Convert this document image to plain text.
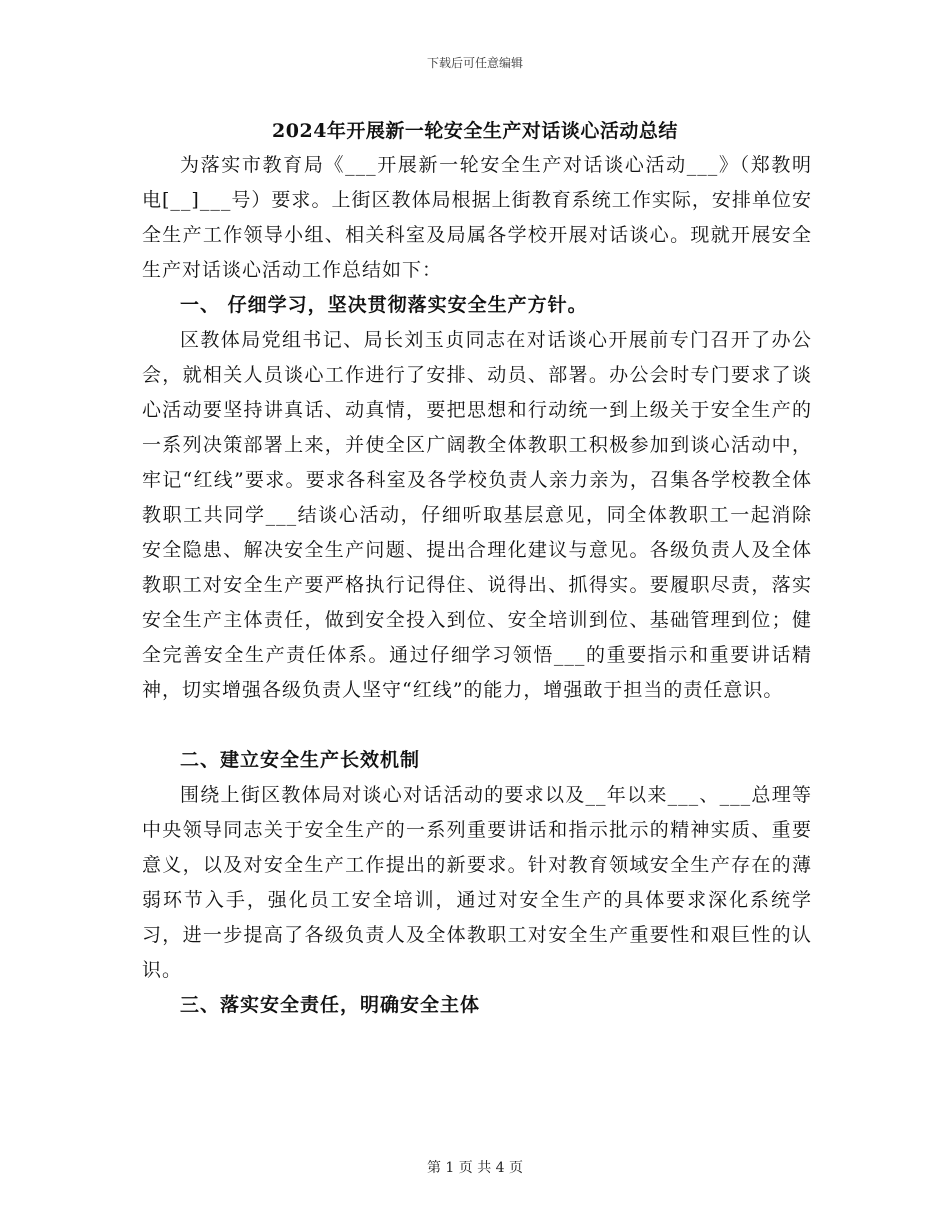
下载后可任意编辑
2024年开展新一轮安全生产对话谈心活动总结

为落实市教育局《___开展新一轮安全生产对话谈心活动___》（郑教明电[__]___号）要求。上街区教体局根据上街教育系统工作实际，安排单位安全生产工作领导小组、相关科室及局属各学校开展对话谈心。现就开展安全生产对话谈心活动工作总结如下：

一、 仔细学习，坚决贯彻落实安全生产方针。

区教体局党组书记、局长刘玉贞同志在对话谈心开展前专门召开了办公会，就相关人员谈心工作进行了安排、动员、部署。办公会时专门要求了谈心活动要坚持讲真话、动真情，要把思想和行动统一到上级关于安全生产的一系列决策部署上来，并使全区广阔教全体教职工积极参加到谈心活动中，牢记“红线”要求。要求各科室及各学校负责人亲力亲为，召集各学校教全体教职工共同学___结谈心活动，仔细听取基层意见，同全体教职工一起消除安全隐患、解决安全生产问题、提出合理化建议与意见。各级负责人及全体教职工对安全生产要严格执行记得住、说得出、抓得实。要履职尽责，落实安全生产主体责任，做到安全投入到位、安全培训到位、基础管理到位；健全完善安全生产责任体系。通过仔细学习领悟___的重要指示和重要讲话精神，切实增强各级负责人坚守“红线”的能力，增强敢于担当的责任意识。

二、建立安全生产长效机制

围绕上街区教体局对谈心对话活动的要求以及__年以来___、___总理等中央领导同志关于安全生产的一系列重要讲话和指示批示的精神实质、重要意义，以及对安全生产工作提出的新要求。针对教育领域安全生产存在的薄弱环节入手，强化员工安全培训，通过对安全生产的具体要求深化系统学习，进一步提高了各级负责人及全体教职工对安全生产重要性和艰巨性的认识。

三、落实安全责任，明确安全主体

第 1 页 共 4 页
